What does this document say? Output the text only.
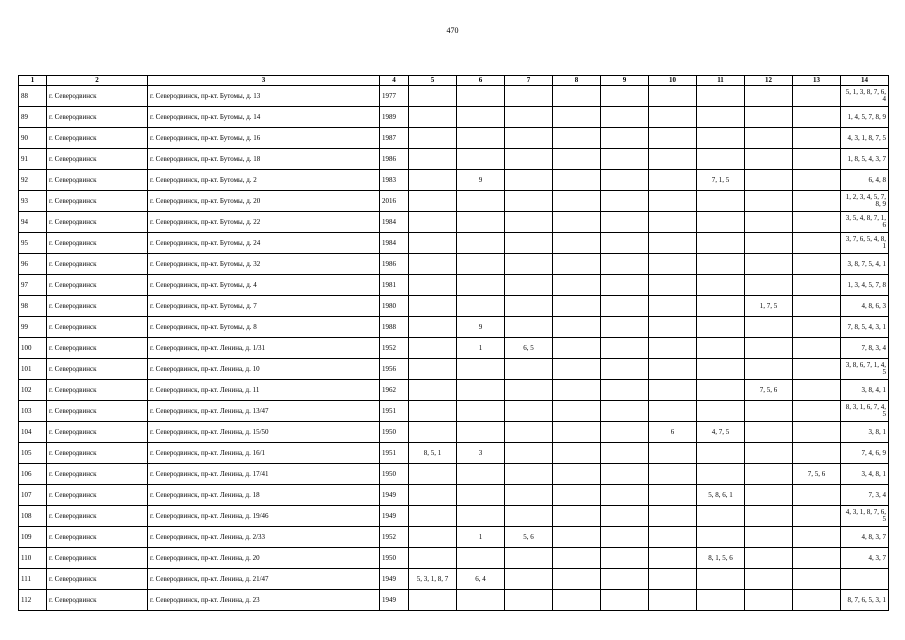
470
1	2	3	4	5	6	7	8	9	10	11	12	13	14
88	г. Северодвинск	г. Северодвинск, пр-кт. Бутомы, д. 13	1977										5, 1, 3, 8, 7, 6, 4
89	г. Северодвинск	г. Северодвинск, пр-кт. Бутомы, д. 14	1989										1, 4, 5, 7, 8, 9
90	г. Северодвинск	г. Северодвинск, пр-кт. Бутомы, д. 16	1987										4, 3, 1, 8, 7, 5
91	г. Северодвинск	г. Северодвинск, пр-кт. Бутомы, д. 18	1986										1, 8, 5, 4, 3, 7
92	г. Северодвинск	г. Северодвинск, пр-кт. Бутомы, д. 2	1983		9					7, 1, 5			6, 4, 8
93	г. Северодвинск	г. Северодвинск, пр-кт. Бутомы, д. 20	2016										1, 2, 3, 4, 5, 7, 8, 9
94	г. Северодвинск	г. Северодвинск, пр-кт. Бутомы, д. 22	1984										3, 5, 4, 8, 7, 1, 6
95	г. Северодвинск	г. Северодвинск, пр-кт. Бутомы, д. 24	1984										3, 7, 6, 5, 4, 8, 1
96	г. Северодвинск	г. Северодвинск, пр-кт. Бутомы, д. 32	1986										3, 8, 7, 5, 4, 1
97	г. Северодвинск	г. Северодвинск, пр-кт. Бутомы, д. 4	1981										1, 3, 4, 5, 7, 8
98	г. Северодвинск	г. Северодвинск, пр-кт. Бутомы, д. 7	1980								1, 7, 5		4, 8, 6, 3
99	г. Северодвинск	г. Северодвинск, пр-кт. Бутомы, д. 8	1988		9								7, 8, 5, 4, 3, 1
100	г. Северодвинск	г. Северодвинск, пр-кт. Ленина, д. 1/31	1952		1	6, 5							7, 8, 3, 4
101	г. Северодвинск	г. Северодвинск, пр-кт. Ленина, д. 10	1956										3, 8, 6, 7, 1, 4, 5
102	г. Северодвинск	г. Северодвинск, пр-кт. Ленина, д. 11	1962								7, 5, 6		3, 8, 4, 1
103	г. Северодвинск	г. Северодвинск, пр-кт. Ленина, д. 13/47	1951										8, 3, 1, 6, 7, 4, 5
104	г. Северодвинск	г. Северодвинск, пр-кт. Ленина, д. 15/50	1950						6	4, 7, 5			3, 8, 1
105	г. Северодвинск	г. Северодвинск, пр-кт. Ленина, д. 16/1	1951	8, 5, 1	3								7, 4, 6, 9
106	г. Северодвинск	г. Северодвинск, пр-кт. Ленина, д. 17/41	1950									7, 5, 6	3, 4, 8, 1
107	г. Северодвинск	г. Северодвинск, пр-кт. Ленина, д. 18	1949							5, 8, 6, 1			7, 3, 4
108	г. Северодвинск	г. Северодвинск, пр-кт. Ленина, д. 19/46	1949										4, 3, 1, 8, 7, 6, 5
109	г. Северодвинск	г. Северодвинск, пр-кт. Ленина, д. 2/33	1952		1	5, 6							4, 8, 3, 7
110	г. Северодвинск	г. Северодвинск, пр-кт. Ленина, д. 20	1950							8, 1, 5, 6			4, 3, 7
111	г. Северодвинск	г. Северодвинск, пр-кт. Ленина, д. 21/47	1949	5, 3, 1, 8, 7	6, 4								
112	г. Северодвинск	г. Северодвинск, пр-кт. Ленина, д. 23	1949										8, 7, 6, 5, 3, 1
